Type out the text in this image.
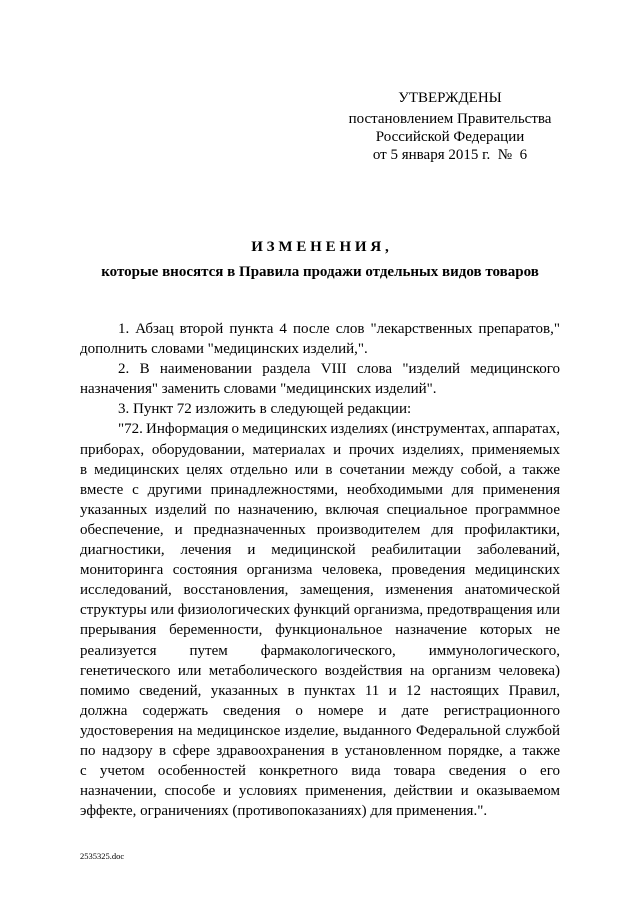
УТВЕРЖДЕНЫ
постановлением Правительства
Российской Федерации
от 5 января 2015 г.  №  6
ИЗМЕНЕНИЯ,
которые вносятся в Правила продажи отдельных видов товаров
1. Абзац второй пункта 4 после слов "лекарственных препаратов,"
дополнить словами "медицинских изделий,".
2. В наименовании раздела VIII слова "изделий медицинского
назначения" заменить словами "медицинских изделий".
3. Пункт 72 изложить в следующей редакции:
"72. Информация о медицинских изделиях (инструментах, аппаратах,
приборах, оборудовании, материалах и прочих изделиях, применяемых
в медицинских целях отдельно или в сочетании между собой, а также
вместе с другими принадлежностями, необходимыми для применения
указанных изделий по назначению, включая специальное программное
обеспечение, и предназначенных производителем для профилактики,
диагностики, лечения и медицинской реабилитации заболеваний,
мониторинга состояния организма человека, проведения медицинских
исследований, восстановления, замещения, изменения анатомической
структуры или физиологических функций организма, предотвращения или
прерывания беременности, функциональное назначение которых не
реализуется путем фармакологического, иммунологического,
генетического или метаболического воздействия на организм человека)
помимо сведений, указанных в пунктах 11 и 12 настоящих Правил,
должна содержать сведения о номере и дате регистрационного
удостоверения на медицинское изделие, выданного Федеральной службой
по надзору в сфере здравоохранения в установленном порядке, а также
с учетом особенностей конкретного вида товара сведения о его
назначении, способе и условиях применения, действии и оказываемом
эффекте, ограничениях (противопоказаниях) для применения.".
2535325.doc
